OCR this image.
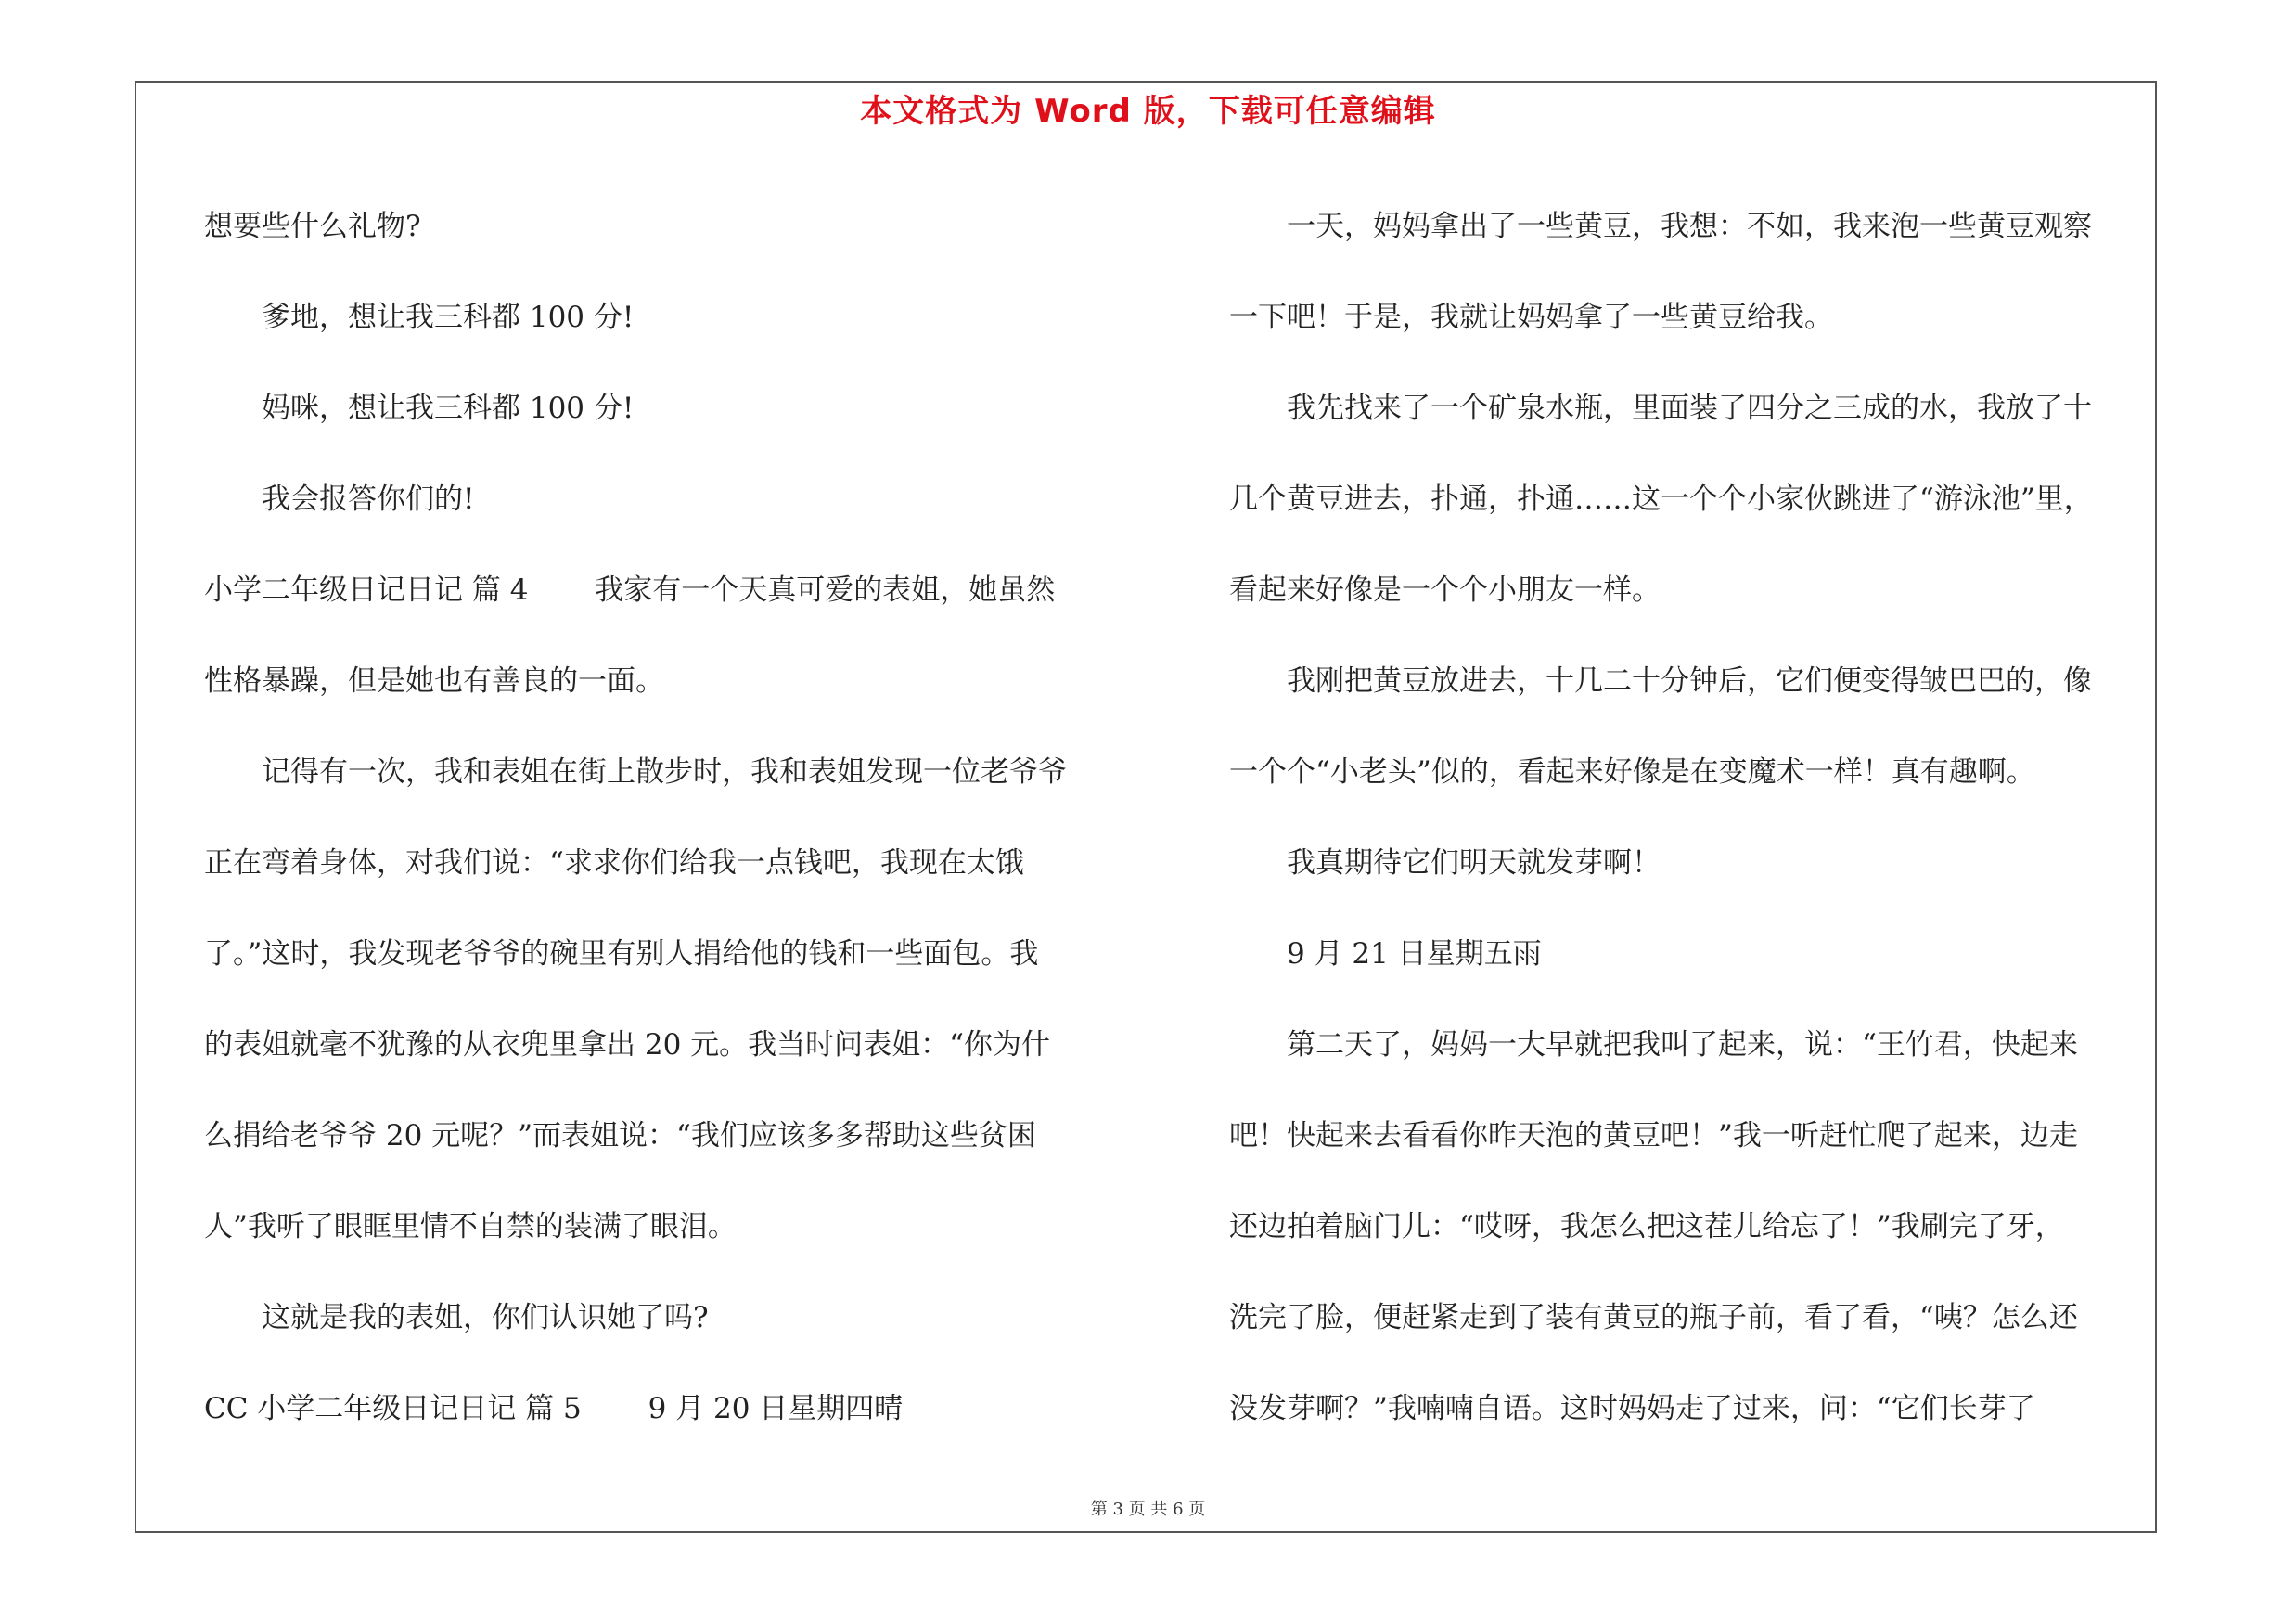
本文格式为 Word 版，下载可任意编辑

想要些什么礼物?

　　爹地，想让我三科都 100 分!

　　妈咪，想让我三科都 100 分!

　　我会报答你们的!

小学二年级日记日记 篇 4 　　我家有一个天真可爱的表姐，她虽然

性格暴躁，但是她也有善良的一面。

　　记得有一次，我和表姐在街上散步时，我和表姐发现一位老爷爷

正在弯着身体，对我们说：“求求你们给我一点钱吧，我现在太饿

了。”这时，我发现老爷爷的碗里有别人捐给他的钱和一些面包。我

的表姐就毫不犹豫的从衣兜里拿出 20 元。我当时问表姐：“你为什

么捐给老爷爷 20 元呢？”而表姐说：“我们应该多多帮助这些贫困

人”我听了眼眶里情不自禁的装满了眼泪。

　　这就是我的表姐，你们认识她了吗?

CC 小学二年级日记日记 篇 5 　　9 月 20 日星期四晴

　　一天，妈妈拿出了一些黄豆，我想：不如，我来泡一些黄豆观察

一下吧！于是，我就让妈妈拿了一些黄豆给我。

　　我先找来了一个矿泉水瓶，里面装了四分之三成的水，我放了十

几个黄豆进去，扑通，扑通……这一个个小家伙跳进了“游泳池”里，

看起来好像是一个个小朋友一样。

　　我刚把黄豆放进去，十几二十分钟后，它们便变得皱巴巴的，像

一个个“小老头”似的，看起来好像是在变魔术一样！真有趣啊。

　　我真期待它们明天就发芽啊！

　　9 月 21 日星期五雨

　　第二天了，妈妈一大早就把我叫了起来，说：“王竹君，快起来

吧！快起来去看看你昨天泡的黄豆吧！”我一听赶忙爬了起来，边走

还边拍着脑门儿：“哎呀，我怎么把这茬儿给忘了！”我刷完了牙，

洗完了脸，便赶紧走到了装有黄豆的瓶子前，看了看，“咦？怎么还

没发芽啊？”我喃喃自语。这时妈妈走了过来，问：“它们长芽了

第 3 页 共 6 页
